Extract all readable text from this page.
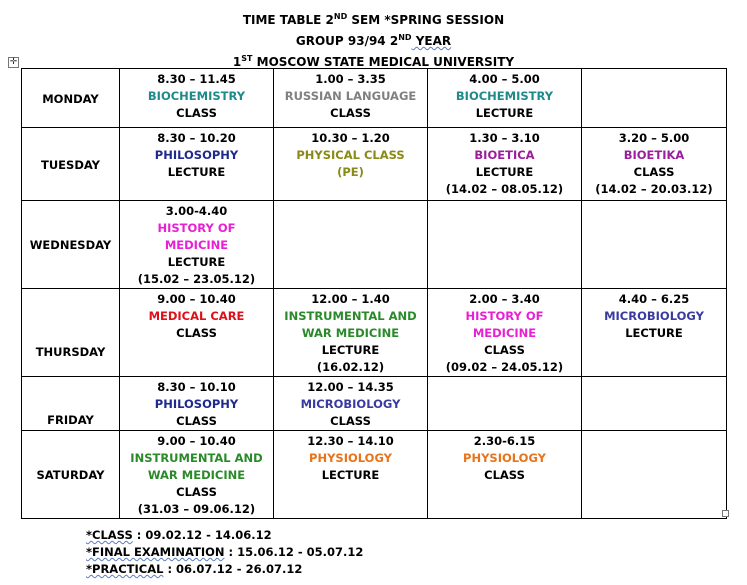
TIME TABLE 2ND SEM *SPRING SESSION
GROUP 93/94 2ND YEAR
1ST MOSCOW STATE MEDICAL UNIVERSITY
✛
MONDAY	8.30 – 11.45
BIOCHEMISTRY
CLASS	1.00 – 3.35
RUSSIAN LANGUAGE
CLASS	4.00 – 5.00
BIOCHEMISTRY
LECTURE	

TUESDAY	8.30 – 10.20
PHILOSOPHY
LECTURE	10.30 – 1.20
PHYSICAL CLASS
(PE)	1.30 – 3.10
BIOETICA
LECTURE
(14.02 – 08.05.12)	3.20 – 5.00
BIOETIKA
CLASS
(14.02 – 20.03.12)

WEDNESDAY	3.00-4.40
HISTORY OF
MEDICINE
LECTURE
(15.02 – 23.05.12)			

THURSDAY	9.00 – 10.40
MEDICAL CARE
CLASS	12.00 – 1.40
INSTRUMENTAL AND
WAR MEDICINE
LECTURE
(16.02.12)	2.00 – 3.40
HISTORY OF
MEDICINE
CLASS
(09.02 – 24.05.12)	4.40 – 6.25
MICROBIOLOGY
LECTURE

FRIDAY	8.30 – 10.10
PHILOSOPHY
CLASS	12.00 – 14.35
MICROBIOLOGY
CLASS		

SATURDAY	9.00 – 10.40
INSTRUMENTAL AND
WAR MEDICINE
CLASS
(31.03 – 09.06.12)	12.30 – 14.10
PHYSIOLOGY
LECTURE	2.30-6.15
PHYSIOLOGY
CLASS	

*CLASS : 09.02.12 - 14.06.12
*FINAL EXAMINATION : 15.06.12 - 05.07.12
*PRACTICAL : 06.07.12 - 26.07.12
